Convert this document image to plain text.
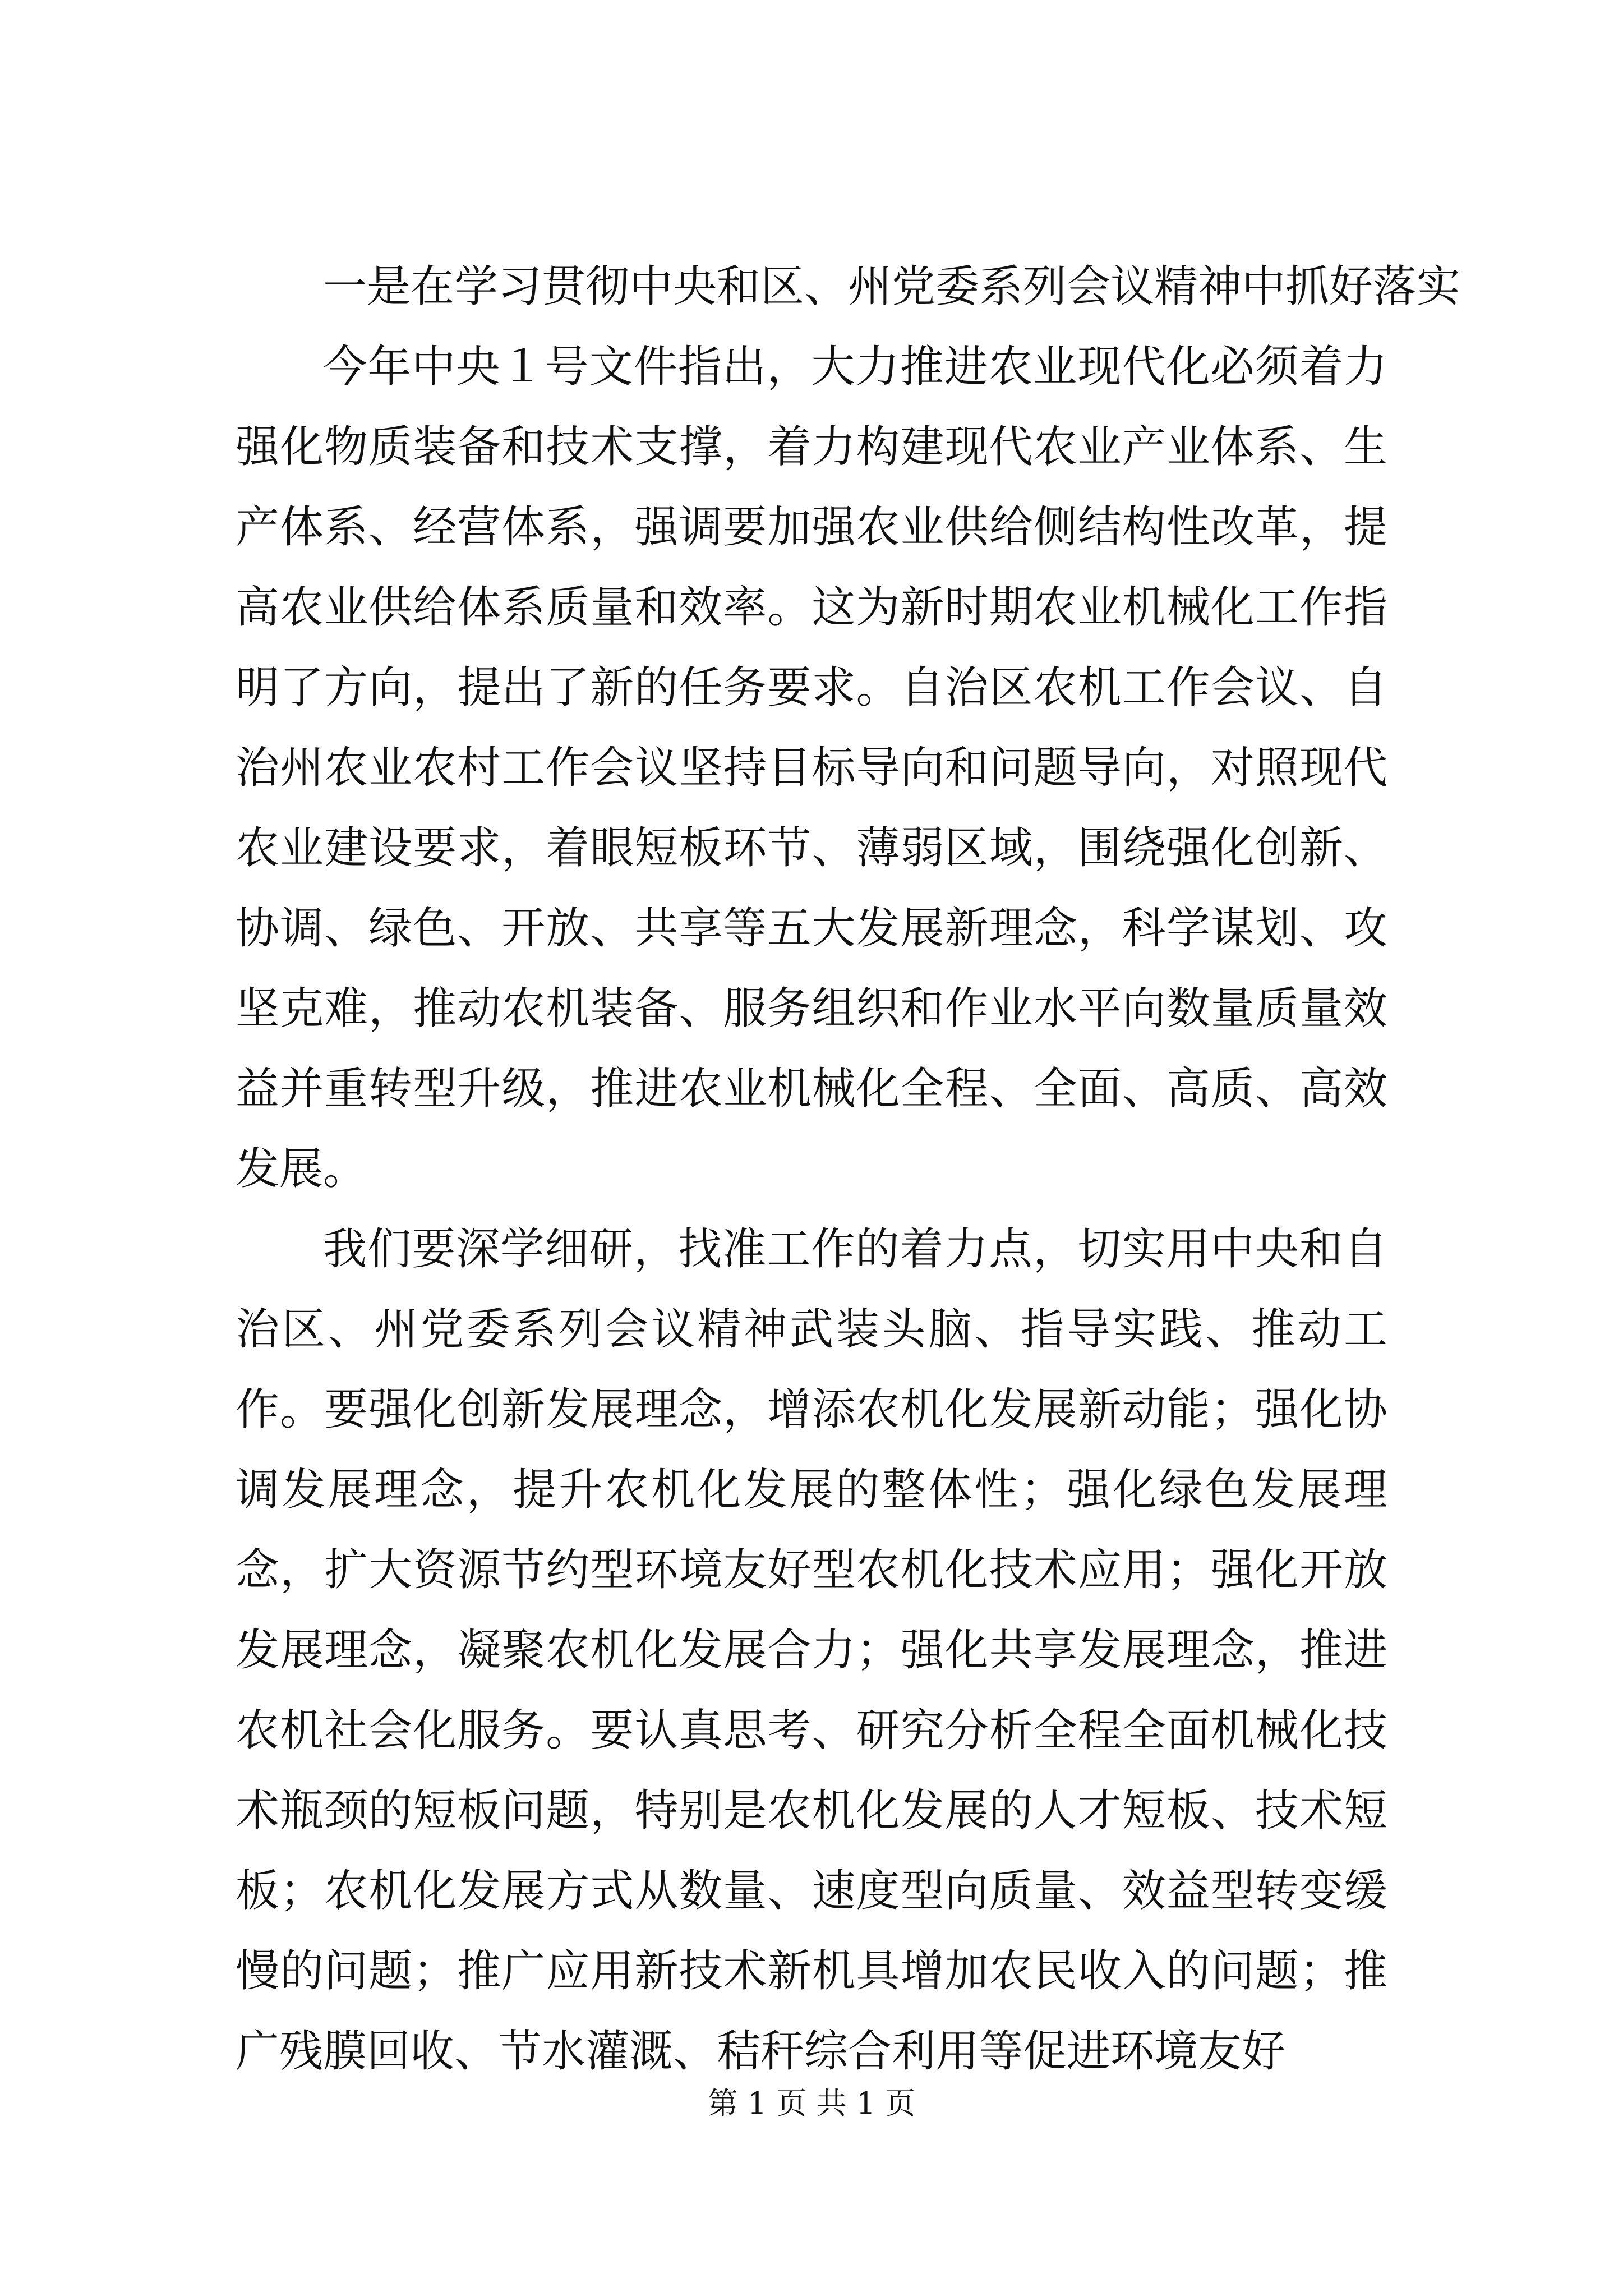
一是在学习贯彻中央和区、州党委系列会议精神中抓好落实

今年中央１号文件指出，大力推进农业现代化必须着力强化物质装备和技术支撑，着力构建现代农业产业体系、生产体系、经营体系，强调要加强农业供给侧结构性改革，提高农业供给体系质量和效率。这为新时期农业机械化工作指明了方向，提出了新的任务要求。自治区农机工作会议、自治州农业农村工作会议坚持目标导向和问题导向，对照现代农业建设要求，着眼短板环节、薄弱区域，围绕强化创新、协调、绿色、开放、共享等五大发展新理念，科学谋划、攻坚克难，推动农机装备、服务组织和作业水平向数量质量效益并重转型升级，推进农业机械化全程、全面、高质、高效发展。

我们要深学细研，找准工作的着力点，切实用中央和自治区、州党委系列会议精神武装头脑、指导实践、推动工作。要强化创新发展理念，增添农机化发展新动能；强化协调发展理念，提升农机化发展的整体性；强化绿色发展理念，扩大资源节约型环境友好型农机化技术应用；强化开放发展理念，凝聚农机化发展合力；强化共享发展理念，推进农机社会化服务。要认真思考、研究分析全程全面机械化技术瓶颈的短板问题，特别是农机化发展的人才短板、技术短板；农机化发展方式从数量、速度型向质量、效益型转变缓慢的问题；推广应用新技术新机具增加农民收入的问题；推广残膜回收、节水灌溉、秸秆综合利用等促进环境友好

第 1 页 共 1 页
